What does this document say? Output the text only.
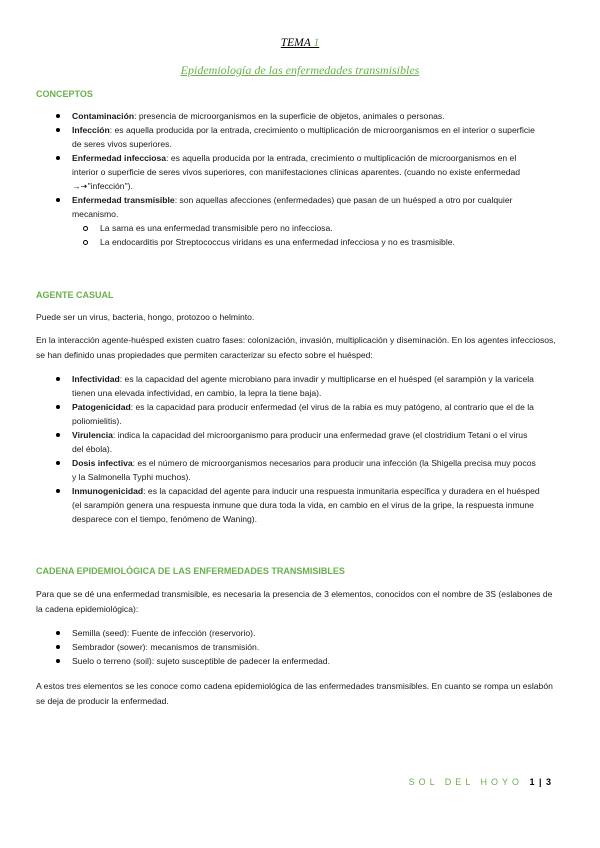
TEMA 1
Epidemiología de las enfermedades transmisibles
CONCEPTOS
Contaminación: presencia de microorganismos en la superficie de objetos, animales o personas.
Infección: es aquella producida por la entrada, crecimiento o multiplicación de microorganismos en el interior o superficie de seres vivos superiores.
Enfermedad infecciosa: es aquella producida por la entrada, crecimiento o multiplicación de microorganismos en el interior o superficie de seres vivos superiores, con manifestaciones clínicas aparentes. (cuando no existe enfermedad →🠆"infección").
Enfermedad transmisible: son aquellas afecciones (enfermedades) que pasan de un huésped a otro por cualquier mecanismo.
La sarna es una enfermedad transmisible pero no infecciosa.
La endocarditis por Streptococcus viridans es una enfermedad infecciosa y no es trasmisible.
AGENTE CASUAL
Puede ser un virus, bacteria, hongo, protozoo o helminto.
En la interacción agente-huésped existen cuatro fases: colonización, invasión, multiplicación y diseminación. En los agentes infecciosos, se han definido unas propiedades que permiten caracterizar su efecto sobre el huésped:
Infectividad: es la capacidad del agente microbiano para invadir y multiplicarse en el huésped (el sarampión y la varicela tienen una elevada infectividad, en cambio, la lepra la tiene baja).
Patogenicidad: es la capacidad para producir enfermedad (el virus de la rabia es muy patógeno, al contrario que el de la poliomielitis).
Virulencia: indica la capacidad del microorganismo para producir una enfermedad grave (el clostridium Tetani o el virus del ébola).
Dosis infectiva: es el número de microorganismos necesarios para producir una infección (la Shigella precisa muy pocos y la Salmonella Typhi muchos).
Inmunogenicidad: es la capacidad del agente para inducir una respuesta inmunitaria específica y duradera en el huésped (el sarampión genera una respuesta inmune que dura toda la vida, en cambio en el virus de la gripe, la respuesta inmune desparece con el tiempo, fenómeno de Waning).
CADENA EPIDEMIOLÓGICA DE LAS ENFERMEDADES TRANSMISIBLES
Para que se dé una enfermedad transmisible, es necesaria la presencia de 3 elementos, conocidos con el nombre de 3S (eslabones de la cadena epidemiológica):
Semilla (seed): Fuente de infección (reservorio).
Sembrador (sower): mecanismos de transmisión.
Suelo o terreno (soil): sujeto susceptible de padecer la enfermedad.
A estos tres elementos se les conoce como cadena epidemiológica de las enfermedades transmisibles. En cuanto se rompa un eslabón se deja de producir la enfermedad.
SOL DEL HOYO 1 | 3
